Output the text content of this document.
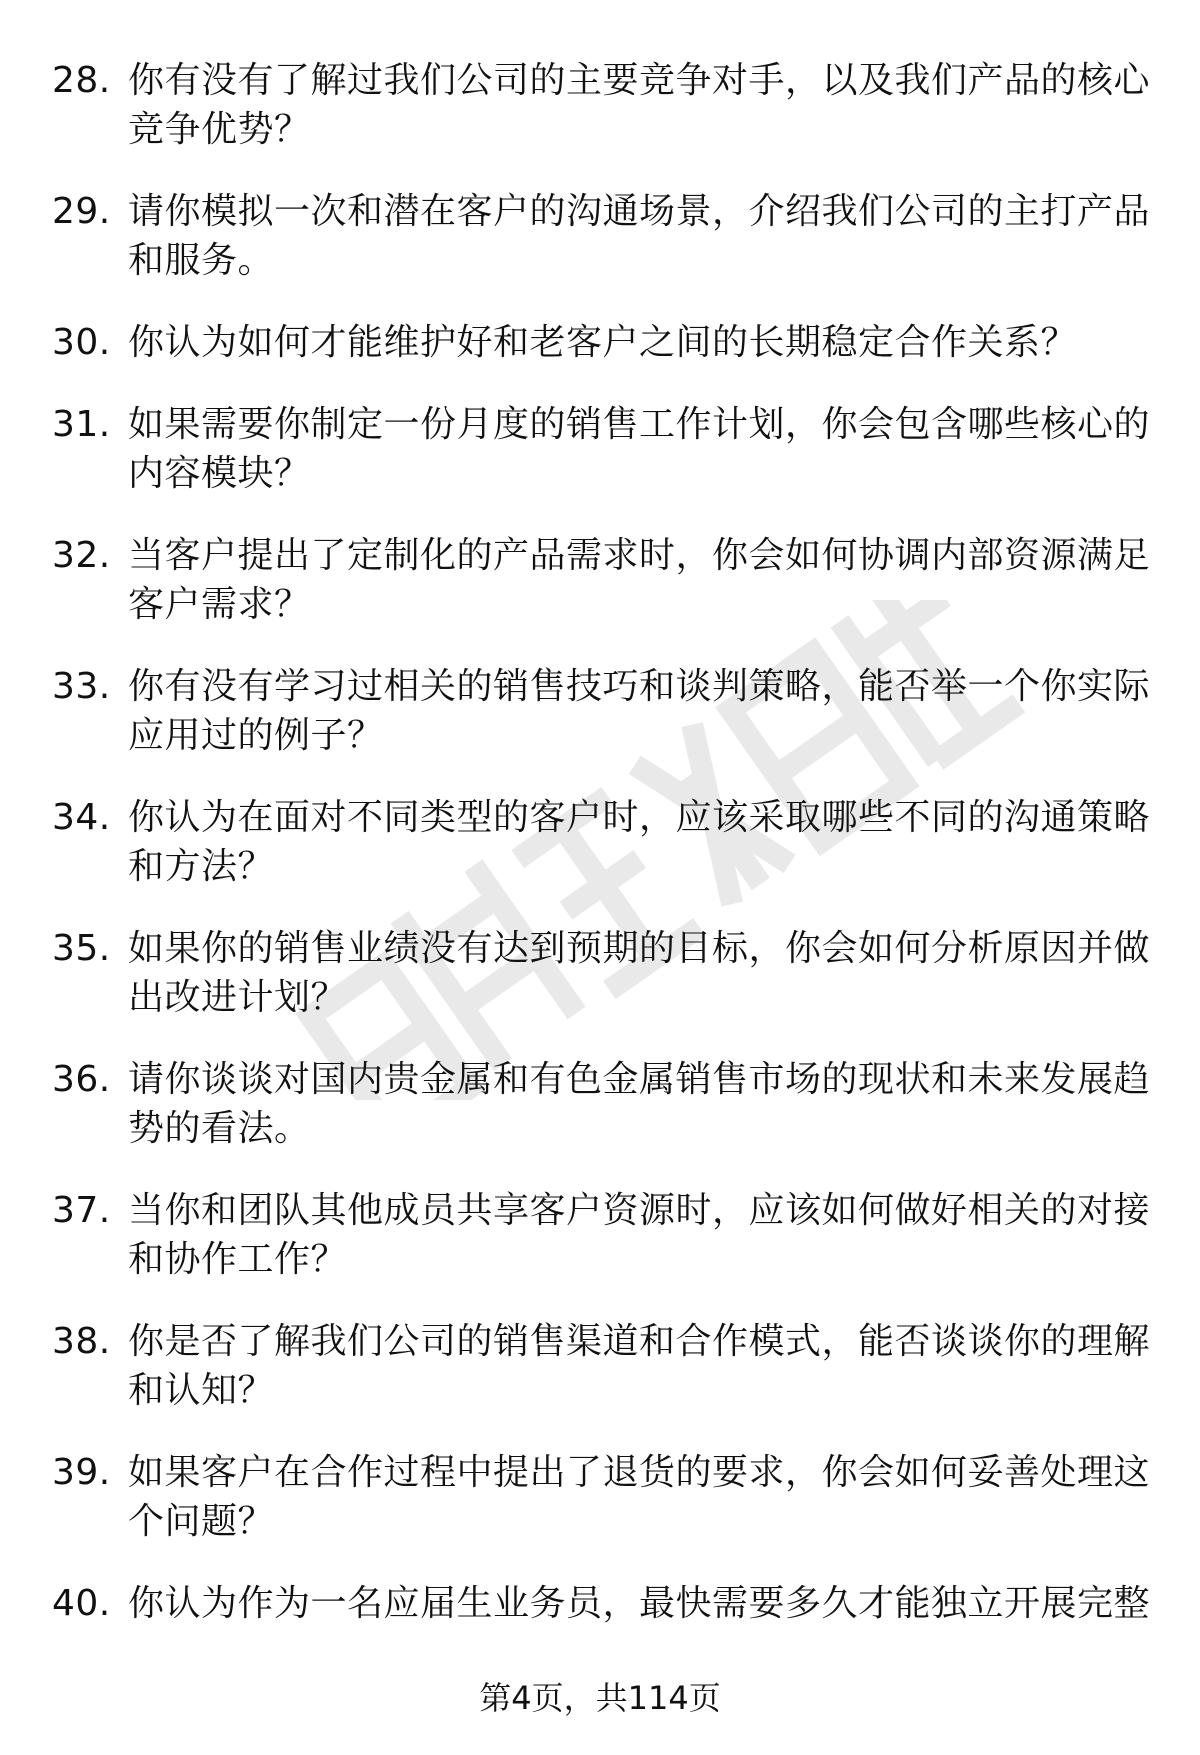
28. 你有没有了解过我们公司的主要竞争对手，以及我们产品的核心竞争优势？
29. 请你模拟一次和潜在客户的沟通场景，介绍我们公司的主打产品和服务。
30. 你认为如何才能维护好和老客户之间的长期稳定合作关系？
31. 如果需要你制定一份月度的销售工作计划，你会包含哪些核心的内容模块？
32. 当客户提出了定制化的产品需求时，你会如何协调内部资源满足客户需求？
33. 你有没有学习过相关的销售技巧和谈判策略，能否举一个你实际应用过的例子？
34. 你认为在面对不同类型的客户时，应该采取哪些不同的沟通策略和方法？
35. 如果你的销售业绩没有达到预期的目标，你会如何分析原因并做出改进计划？
36. 请你谈谈对国内贵金属和有色金属销售市场的现状和未来发展趋势的看法。
37. 当你和团队其他成员共享客户资源时，应该如何做好相关的对接和协作工作？
38. 你是否了解我们公司的销售渠道和合作模式，能否谈谈你的理解和认知？
39. 如果客户在合作过程中提出了退货的要求，你会如何妥善处理这个问题？
40. 你认为作为一名应届生业务员，最快需要多久才能独立开展完整
第4页，共114页
